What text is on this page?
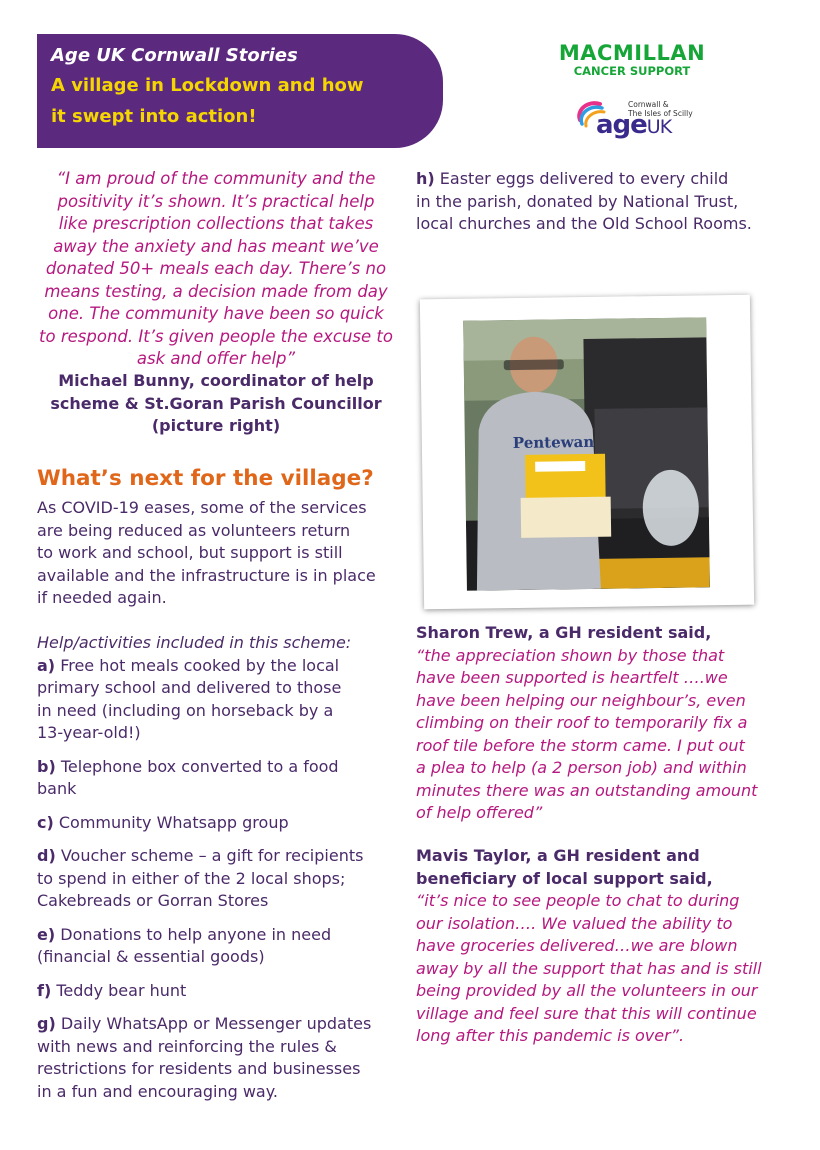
Age UK Cornwall Stories
A village in Lockdown and how
it swept into action!
MACMILLAN
CANCER SUPPORT
Cornwall &
The Isles of Scilly
ageUK
“I am proud of the community and the
positivity it’s shown. It’s practical help
like prescription collections that takes
away the anxiety and has meant we’ve
donated 50+ meals each day. There’s no
means testing, a decision made from day
one. The community have been so quick
to respond. It’s given people the excuse to
ask and offer help”
Michael Bunny, coordinator of help
scheme & St.Goran Parish Councillor
(picture right)
What’s next for the village?
As COVID-19 eases, some of the services
are being reduced as volunteers return
to work and school, but support is still
available and the infrastructure is in place
if needed again.
Help/activities included in this scheme:
a) Free hot meals cooked by the local
primary school and delivered to those
in need (including on horseback by a
13-year-old!)
b) Telephone box converted to a food
bank
c) Community Whatsapp group
d) Voucher scheme – a gift for recipients
to spend in either of the 2 local shops;
Cakebreads or Gorran Stores
e) Donations to help anyone in need
(financial & essential goods)
f) Teddy bear hunt
g) Daily WhatsApp or Messenger updates
with news and reinforcing the rules &
restrictions for residents and businesses
in a fun and encouraging way.
h) Easter eggs delivered to every child
in the parish, donated by National Trust,
local churches and the Old School Rooms.
Pentewan
Sharon Trew, a GH resident said,
“the appreciation shown by those that
have been supported is heartfelt ….we
have been helping our neighbour’s, even
climbing on their roof to temporarily fix a
roof tile before the storm came. I put out
a plea to help (a 2 person job) and within
minutes there was an outstanding amount
of help offered”
Mavis Taylor, a GH resident and
beneficiary of local support said,
“it’s nice to see people to chat to during
our isolation…. We valued the ability to
have groceries delivered…we are blown
away by all the support that has and is still
being provided by all the volunteers in our
village and feel sure that this will continue
long after this pandemic is over”.
